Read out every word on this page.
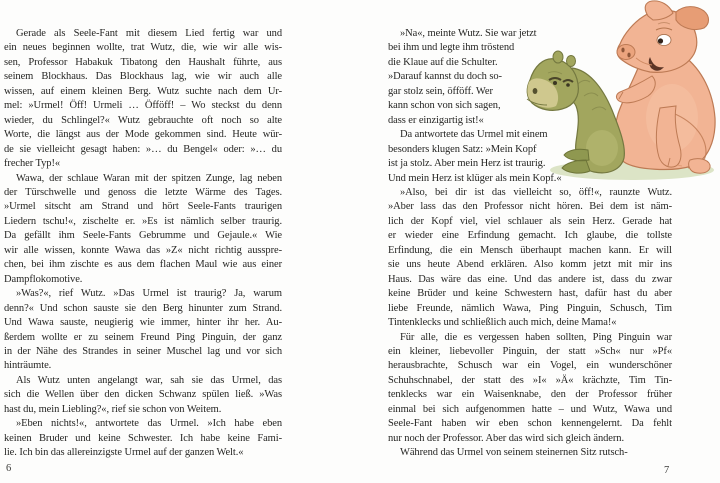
Gerade als Seele-Fant mit diesem Lied fertig war und
ein neues beginnen wollte, trat Wutz, die, wie wir alle wis-
sen, Professor Habakuk Tibatong den Haushalt führte, aus
seinem Blockhaus. Das Blockhaus lag, wie wir auch alle
wissen, auf einem kleinen Berg. Wutz suchte nach dem Ur-
mel: »Urmel! Öff! Urmeli … Öfföff! – Wo steckst du denn
wieder, du Schlingel?« Wutz gebrauchte oft noch so alte
Worte, die längst aus der Mode gekommen sind. Heute wür-
de sie vielleicht gesagt haben: »… du Bengel« oder: »… du
frecher Typ!«
Wawa, der schlaue Waran mit der spitzen Zunge, lag neben
der Türschwelle und genoss die letzte Wärme des Tages.
»Urmel sitscht am Strand und hört Seele-Fants traurigen
Liedern tschu!«, zischelte er. »Es ist nämlich selber traurig.
Da gefällt ihm Seele-Fants Gebrumme und Gejaule.« Wie
wir alle wissen, konnte Wawa das »Z« nicht richtig ausspre-
chen, bei ihm zischte es aus dem flachen Maul wie aus einer
Dampflokomotive.
»Was?«, rief Wutz. »Das Urmel ist traurig? Ja, warum
denn?« Und schon sauste sie den Berg hinunter zum Strand.
Und Wawa sauste, neugierig wie immer, hinter ihr her. Au-
ßerdem wollte er zu seinem Freund Ping Pinguin, der ganz
in der Nähe des Strandes in seiner Muschel lag und vor sich
hinträumte.
Als Wutz unten angelangt war, sah sie das Urmel, das
sich die Wellen über den dicken Schwanz spülen ließ. »Was
hast du, mein Liebling?«, rief sie schon von Weitem.
»Eben nichts!«, antwortete das Urmel. »Ich habe eben
keinen Bruder und keine Schwester. Ich habe keine Fami-
lie. Ich bin das allereinzigste Urmel auf der ganzen Welt.«
»Na«, meinte Wutz. Sie war jetzt
bei ihm und legte ihm tröstend
die Klaue auf die Schulter.
»Darauf kannst du doch so-
gar stolz sein, öfföff. Wer
kann schon von sich sagen,
dass er einzigartig ist!«
Da antwortete das Urmel mit einem
besonders klugen Satz: »Mein Kopf
ist ja stolz. Aber mein Herz ist traurig.
Und mein Herz ist klüger als mein Kopf.«
»Also, bei dir ist das vielleicht so, öff!«, raunzte Wutz.
»Aber lass das den Professor nicht hören. Bei dem ist näm-
lich der Kopf viel, viel schlauer als sein Herz. Gerade hat
er wieder eine Erfindung gemacht. Ich glaube, die tollste
Erfindung, die ein Mensch überhaupt machen kann. Er will
sie uns heute Abend erklären. Also komm jetzt mit mir ins
Haus. Das wäre das eine. Und das andere ist, dass du zwar
keine Brüder und keine Schwestern hast, dafür hast du aber
liebe Freunde, nämlich Wawa, Ping Pinguin, Schusch, Tim
Tintenklecks und schließlich auch mich, deine Mama!«
Für alle, die es vergessen haben sollten, Ping Pinguin war
ein kleiner, liebevoller Pinguin, der statt »Sch« nur »Pf«
herausbrachte, Schusch war ein Vogel, ein wunderschöner
Schuhschnabel, der statt des »I« »Ä« krächzte, Tim Tin-
tenklecks war ein Waisenknabe, den der Professor früher
einmal bei sich aufgenommen hatte – und Wutz, Wawa und
Seele-Fant haben wir eben schon kennengelernt. Da fehlt
nur noch der Professor. Aber das wird sich gleich ändern.
Während das Urmel von seinem steinernen Sitz rutsch-
6	7
